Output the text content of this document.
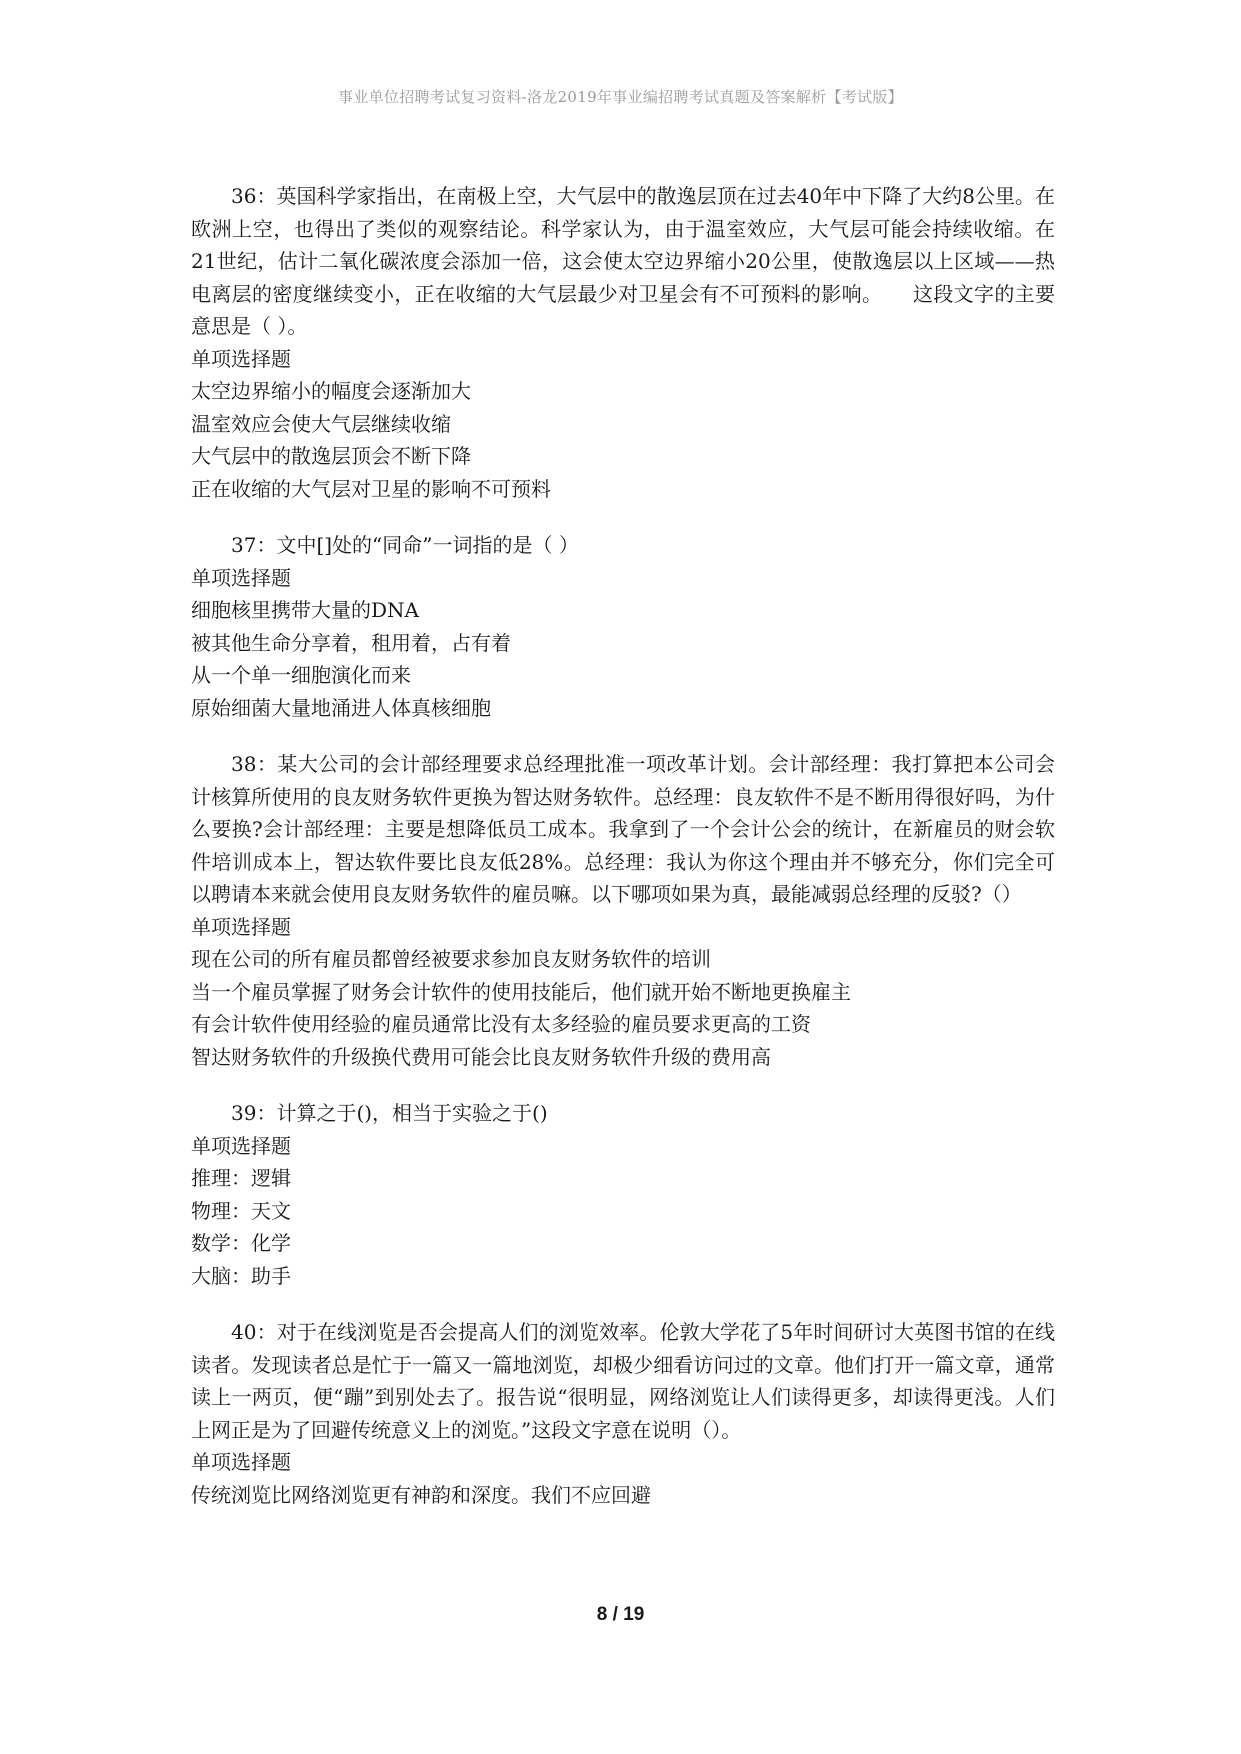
事业单位招聘考试复习资料-洛龙2019年事业编招聘考试真题及答案解析【考试版】

36：英国科学家指出，在南极上空，大气层中的散逸层顶在过去40年中下降了大约8公里。在欧洲上空，也得出了类似的观察结论。科学家认为，由于温室效应，大气层可能会持续收缩。在21世纪，估计二氧化碳浓度会添加一倍，这会使太空边界缩小20公里，使散逸层以上区域——热电离层的密度继续变小，正在收缩的大气层最少对卫星会有不可预料的影响。　　这段文字的主要意思是（ ）。

单项选择题

太空边界缩小的幅度会逐渐加大

温室效应会使大气层继续收缩

大气层中的散逸层顶会不断下降

正在收缩的大气层对卫星的影响不可预料

37：文中[]处的“同命”一词指的是（ ）

单项选择题

细胞核里携带大量的DNA

被其他生命分享着，租用着，占有着

从一个单一细胞演化而来

原始细菌大量地涌进人体真核细胞

38：某大公司的会计部经理要求总经理批准一项改革计划。会计部经理：我打算把本公司会计核算所使用的良友财务软件更换为智达财务软件。总经理：良友软件不是不断用得很好吗，为什么要换?会计部经理：主要是想降低员工成本。我拿到了一个会计公会的统计，在新雇员的财会软件培训成本上，智达软件要比良友低28%。总经理：我认为你这个理由并不够充分，你们完全可以聘请本来就会使用良友财务软件的雇员嘛。以下哪项如果为真，最能减弱总经理的反驳?（）

单项选择题

现在公司的所有雇员都曾经被要求参加良友财务软件的培训

当一个雇员掌握了财务会计软件的使用技能后，他们就开始不断地更换雇主

有会计软件使用经验的雇员通常比没有太多经验的雇员要求更高的工资

智达财务软件的升级换代费用可能会比良友财务软件升级的费用高

39：计算之于()，相当于实验之于()

单项选择题

推理：逻辑

物理：天文

数学：化学

大脑：助手

40：对于在线浏览是否会提高人们的浏览效率。伦敦大学花了5年时间研讨大英图书馆的在线读者。发现读者总是忙于一篇又一篇地浏览，却极少细看访问过的文章。他们打开一篇文章，通常读上一两页，便“蹦”到别处去了。报告说“很明显，网络浏览让人们读得更多，却读得更浅。人们上网正是为了回避传统意义上的浏览。”这段文字意在说明（）。

单项选择题

传统浏览比网络浏览更有神韵和深度。我们不应回避

8 / 19
